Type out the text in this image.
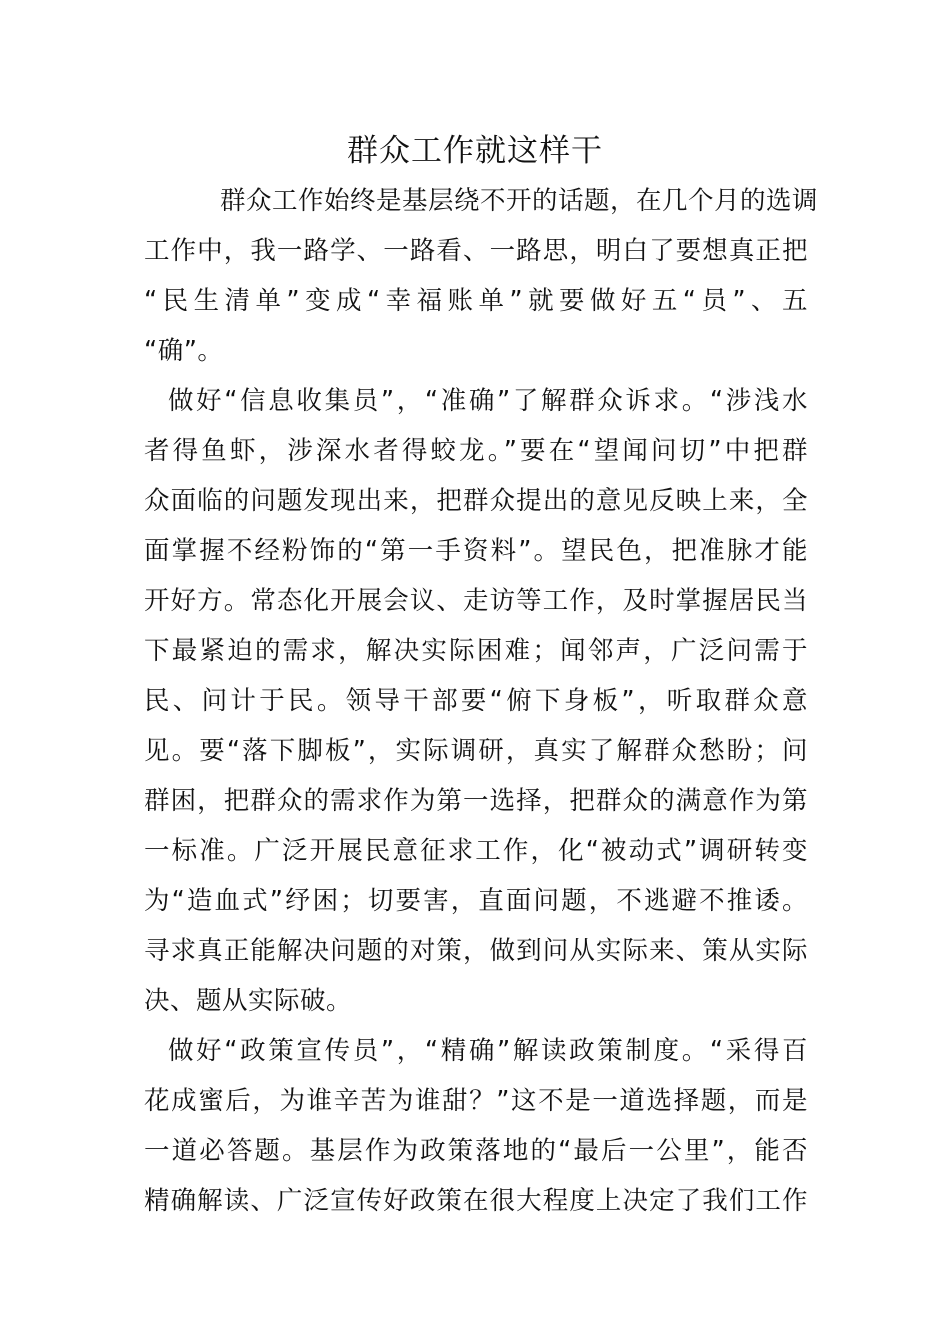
群众工作就这样干

群众工作始终是基层绕不开的话题，在几个月的选调
工作中，我一路学、一路看、一路思，明白了要想真正把
“民生清单”变成“幸福账单”就要做好五“员”、五
“确”。

做好“信息收集员”，“准确”了解群众诉求。“涉浅水
者得鱼虾，涉深水者得蛟龙。”要在“望闻问切”中把群
众面临的问题发现出来，把群众提出的意见反映上来，全
面掌握不经粉饰的“第一手资料”。望民色，把准脉才能
开好方。常态化开展会议、走访等工作，及时掌握居民当
下最紧迫的需求，解决实际困难；闻邻声，广泛问需于
民、问计于民。领导干部要“俯下身板”，听取群众意
见。要“落下脚板”，实际调研，真实了解群众愁盼；问
群困，把群众的需求作为第一选择，把群众的满意作为第
一标准。广泛开展民意征求工作，化“被动式”调研转变
为“造血式”纾困；切要害，直面问题，不逃避不推诿。
寻求真正能解决问题的对策，做到问从实际来、策从实际
决、题从实际破。

做好“政策宣传员”，“精确”解读政策制度。“采得百
花成蜜后，为谁辛苦为谁甜？”这不是一道选择题，而是
一道必答题。基层作为政策落地的“最后一公里”，能否
精确解读、广泛宣传好政策在很大程度上决定了我们工作
